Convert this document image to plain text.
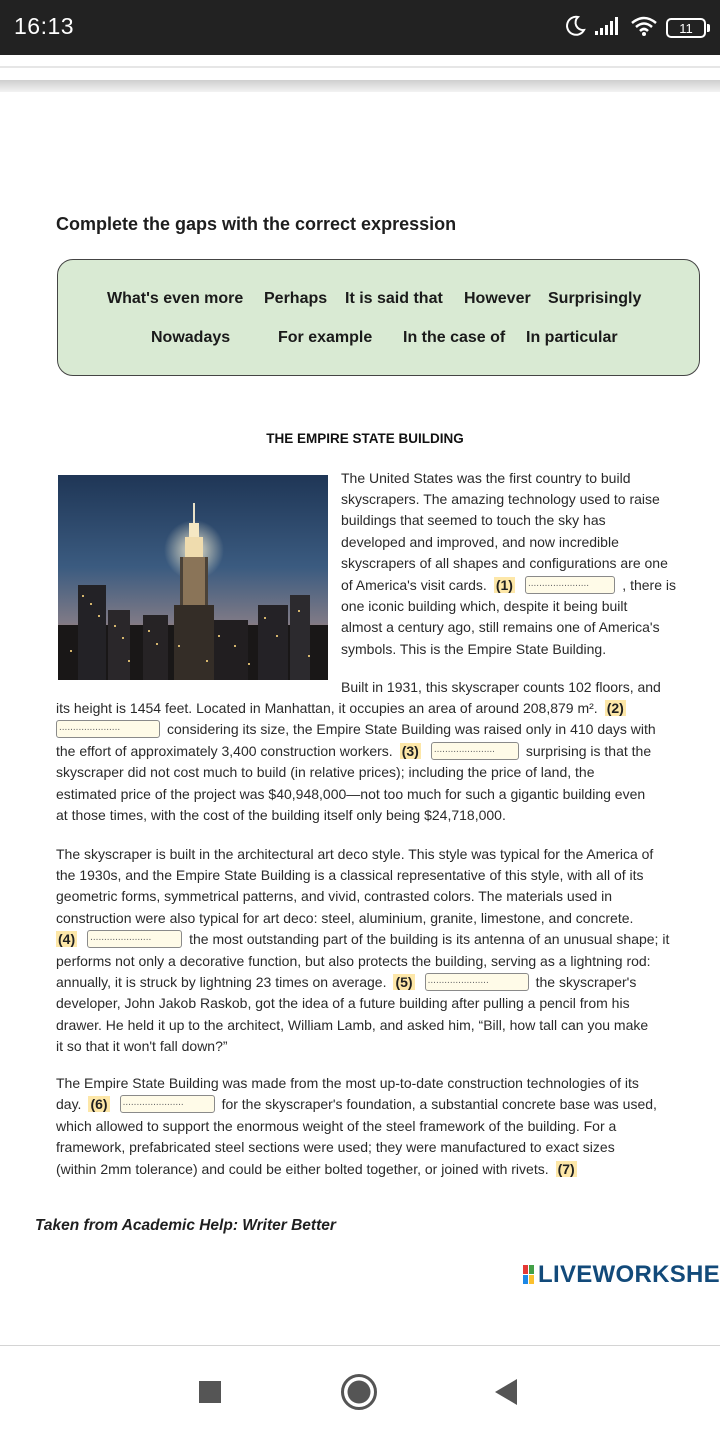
16:13	11
Complete the gaps with the correct expression
What's even more Perhaps It is said that However Surprisingly
Nowadays	For example In the case of In particular
THE EMPIRE STATE BUILDING
The United States was the first country to build
skyscrapers. The amazing technology used to raise
buildings that seemed to touch the sky has
developed and improved, and now incredible
skyscrapers of all shapes and configurations are one
of America's visit cards. (1)	......................	, there is
one iconic building which, despite it being built
almost a century ago, still remains one of America's
symbols. This is the Empire State Building.
Built in 1931, this skyscraper counts 102 floors, and
its height is 1454 feet. Located in Manhattan, it occupies an area of around 208,879 m². (2)
......................	considering its size, the Empire State Building was raised only in 410 days with
the effort of approximately 3,400 construction workers. (3)	......................	surprising is that the
skyscraper did not cost much to build (in relative prices); including the price of land, the
estimated price of the project was $40,948,000—not too much for such a gigantic building even
at those times, with the cost of the building itself only being $24,718,000.
The skyscraper is built in the architectural art deco style. This style was typical for the America of
the 1930s, and the Empire State Building is a classical representative of this style, with all of its
geometric forms, symmetrical patterns, and vivid, contrasted colors. The materials used in
construction were also typical for art deco: steel, aluminium, granite, limestone, and concrete.
(4)	......................	the most outstanding part of the building is its antenna of an unusual shape; it
performs not only a decorative function, but also protects the building, serving as a lightning rod:
annually, it is struck by lightning 23 times on average. (5)	......................	the skyscraper's
developer, John Jakob Raskob, got the idea of a future building after pulling a pencil from his
drawer. He held it up to the architect, William Lamb, and asked him, “Bill, how tall can you make
it so that it won't fall down?”
The Empire State Building was made from the most up-to-date construction technologies of its
day. (6)	......................	for the skyscraper's foundation, a substantial concrete base was used,
which allowed to support the enormous weight of the steel framework of the building. For a
framework, prefabricated steel sections were used; they were manufactured to exact sizes
(within 2mm tolerance) and could be either bolted together, or joined with rivets. (7)
Taken from Academic Help: Writer Better
LIVEWORKSHE
